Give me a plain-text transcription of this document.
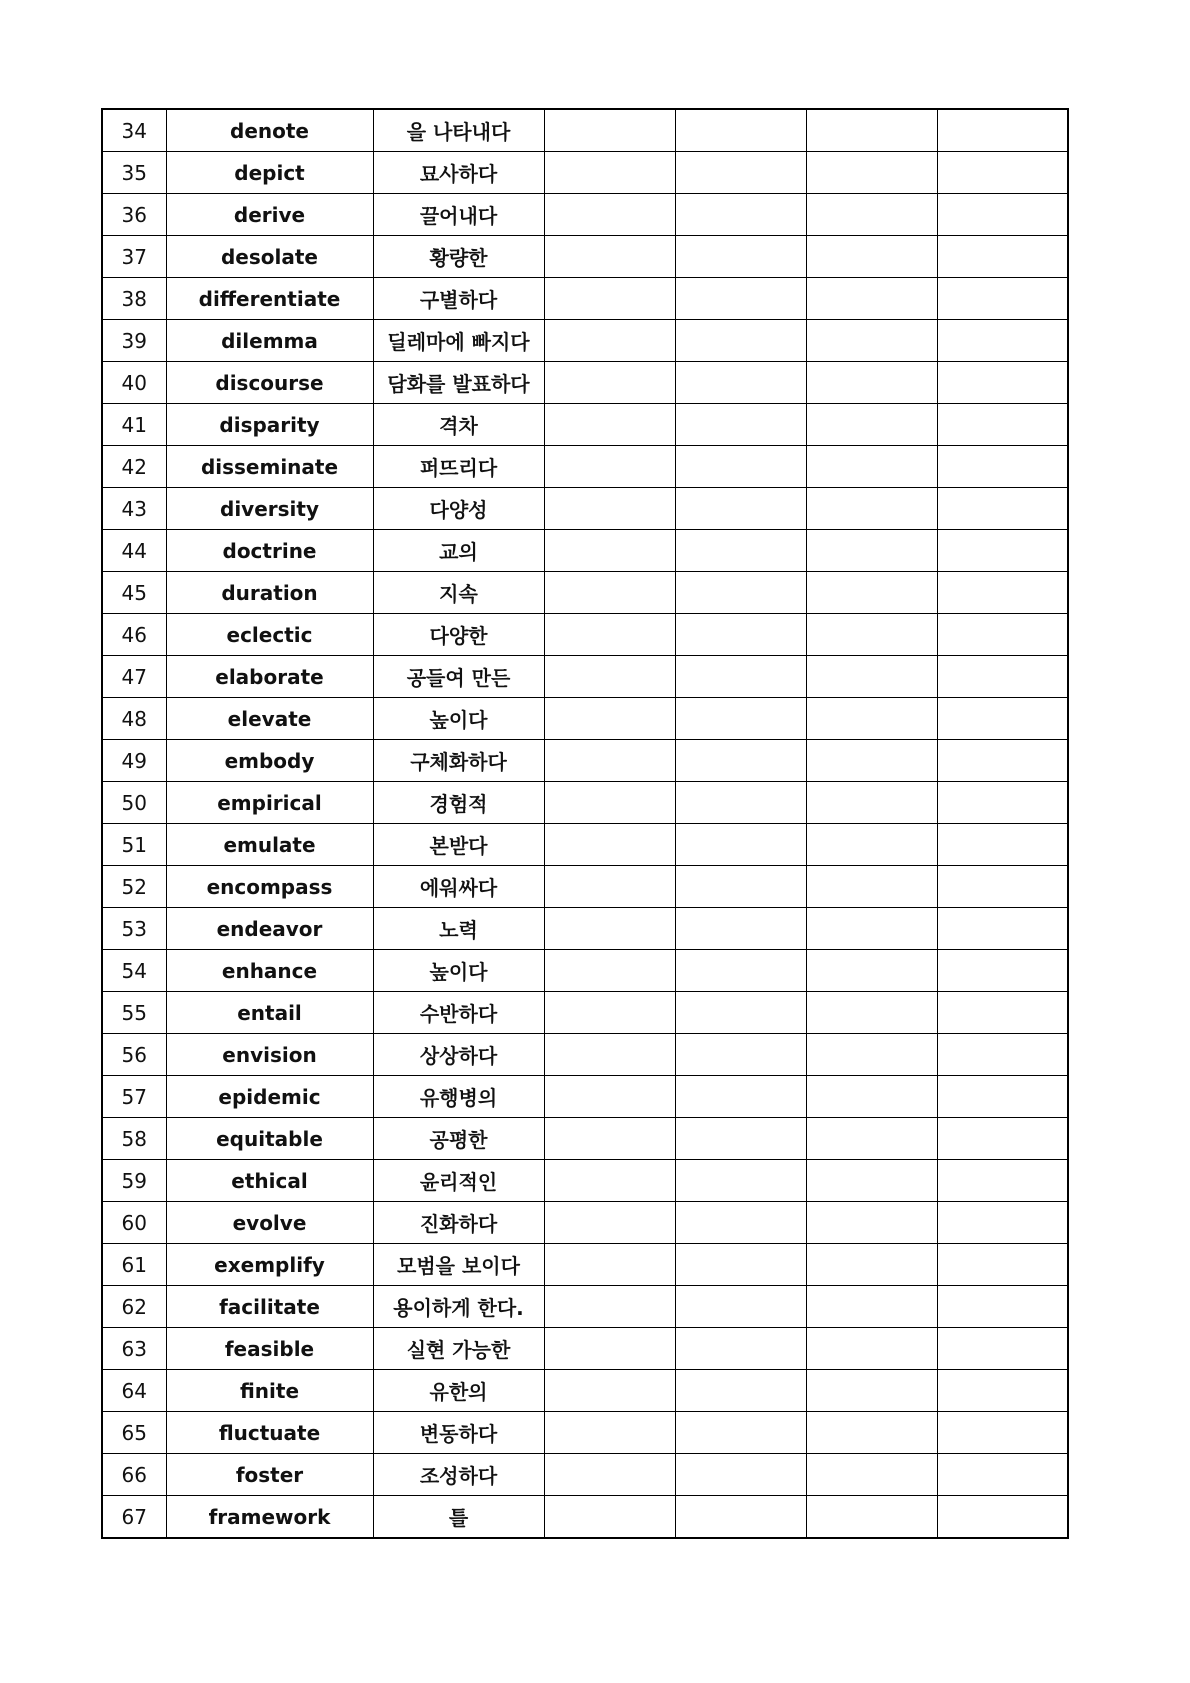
34	denote	을 나타내다				
35	depict	묘사하다				
36	derive	끌어내다				
37	desolate	황량한				
38	differentiate	구별하다				
39	dilemma	딜레마에 빠지다				
40	discourse	담화를 발표하다				
41	disparity	격차				
42	disseminate	퍼뜨리다				
43	diversity	다양성				
44	doctrine	교의				
45	duration	지속				
46	eclectic	다양한				
47	elaborate	공들여 만든				
48	elevate	높이다				
49	embody	구체화하다				
50	empirical	경험적				
51	emulate	본받다				
52	encompass	에워싸다				
53	endeavor	노력				
54	enhance	높이다				
55	entail	수반하다				
56	envision	상상하다				
57	epidemic	유행병의				
58	equitable	공평한				
59	ethical	윤리적인				
60	evolve	진화하다				
61	exemplify	모범을 보이다				
62	facilitate	용이하게 한다.				
63	feasible	실현 가능한				
64	finite	유한의				
65	fluctuate	변동하다				
66	foster	조성하다				
67	framework	틀				
